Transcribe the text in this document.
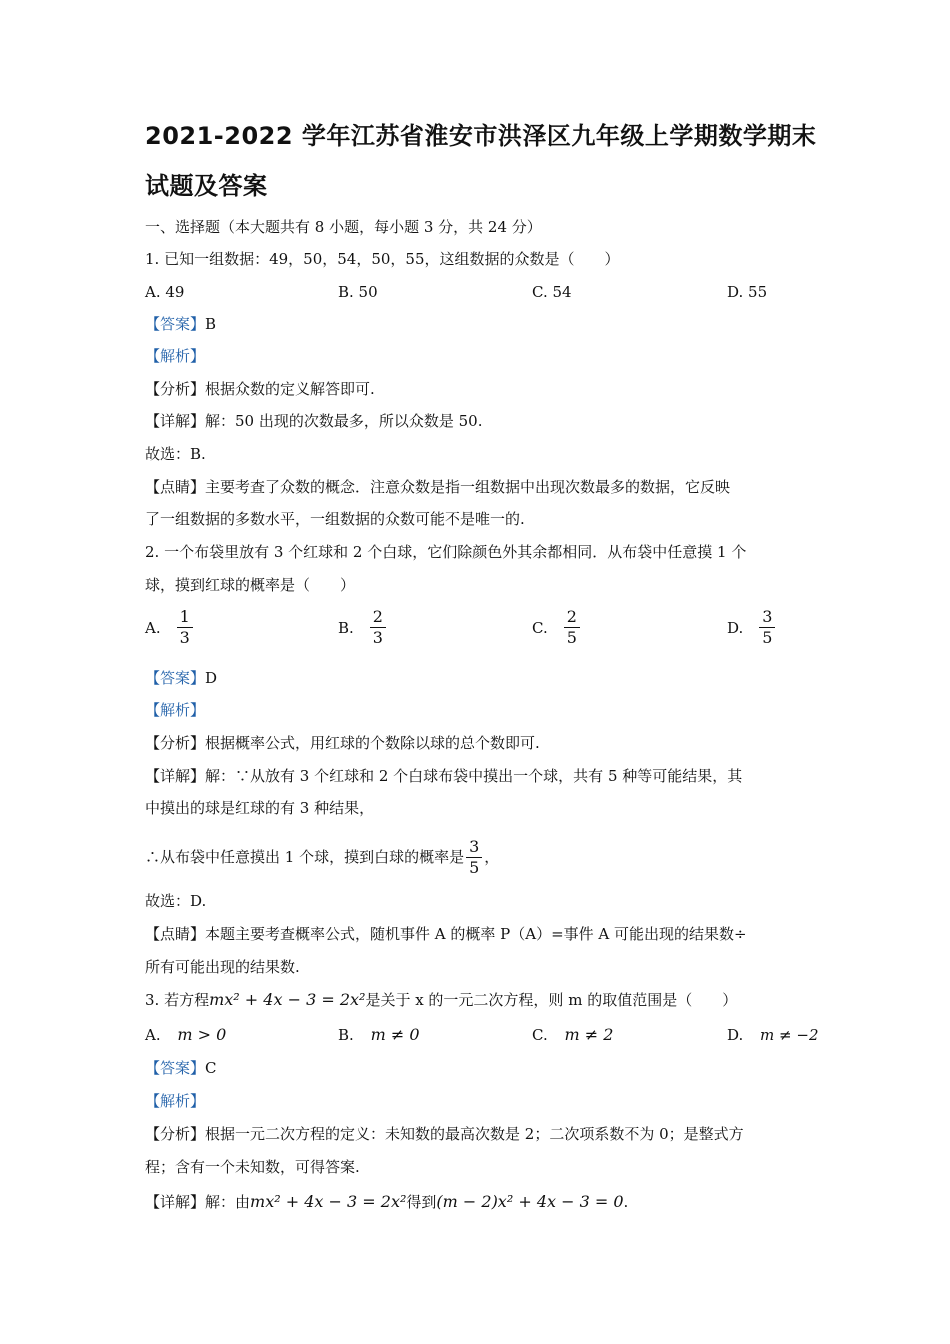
2021-2022 学年江苏省淮安市洪泽区九年级上学期数学期末
试题及答案
一、选择题（本大题共有 8 小题，每小题 3 分，共 24 分）
1. 已知一组数据：49，50，54，50，55，这组数据的众数是（　　）
A. 49	B. 50	C. 54	D. 55
【答案】B
【解析】
【分析】根据众数的定义解答即可.
【详解】解：50 出现的次数最多，所以众数是 50.
故选：B.
【点睛】主要考查了众数的概念．注意众数是指一组数据中出现次数最多的数据，它反映
了一组数据的多数水平，一组数据的众数可能不是唯一的.
2. 一个布袋里放有 3 个红球和 2 个白球，它们除颜色外其余都相同．从布袋中任意摸 1 个
球，摸到红球的概率是（　　）
A. $\frac{1}{3}$	B. $\frac{2}{3}$	C. $\frac{2}{5}$	D. $\frac{3}{5}$
【答案】D
【解析】
【分析】根据概率公式，用红球的个数除以球的总个数即可.
【详解】解：∵从放有 3 个红球和 2 个白球布袋中摸出一个球，共有 5 种等可能结果，其
中摸出的球是红球的有 3 种结果，
∴从布袋中任意摸出 1 个球，摸到白球的概率是 $\frac{3}{5}$ ，
故选：D.
【点睛】本题主要考查概率公式，随机事件 A 的概率 P（A）=事件 A 可能出现的结果数÷
所有可能出现的结果数.
3. 若方程mx² + 4x − 3 = 2x²是关于 x 的一元二次方程，则 m 的取值范围是（　　）
A. m > 0	B. m ≠ 0	C. m ≠ 2	D. m ≠ −2
【答案】C
【解析】
【分析】根据一元二次方程的定义：未知数的最高次数是 2；二次项系数不为 0；是整式方
程；含有一个未知数，可得答案.
【详解】解：由mx² + 4x − 3 = 2x²得到(m − 2)x² + 4x − 3 = 0.
